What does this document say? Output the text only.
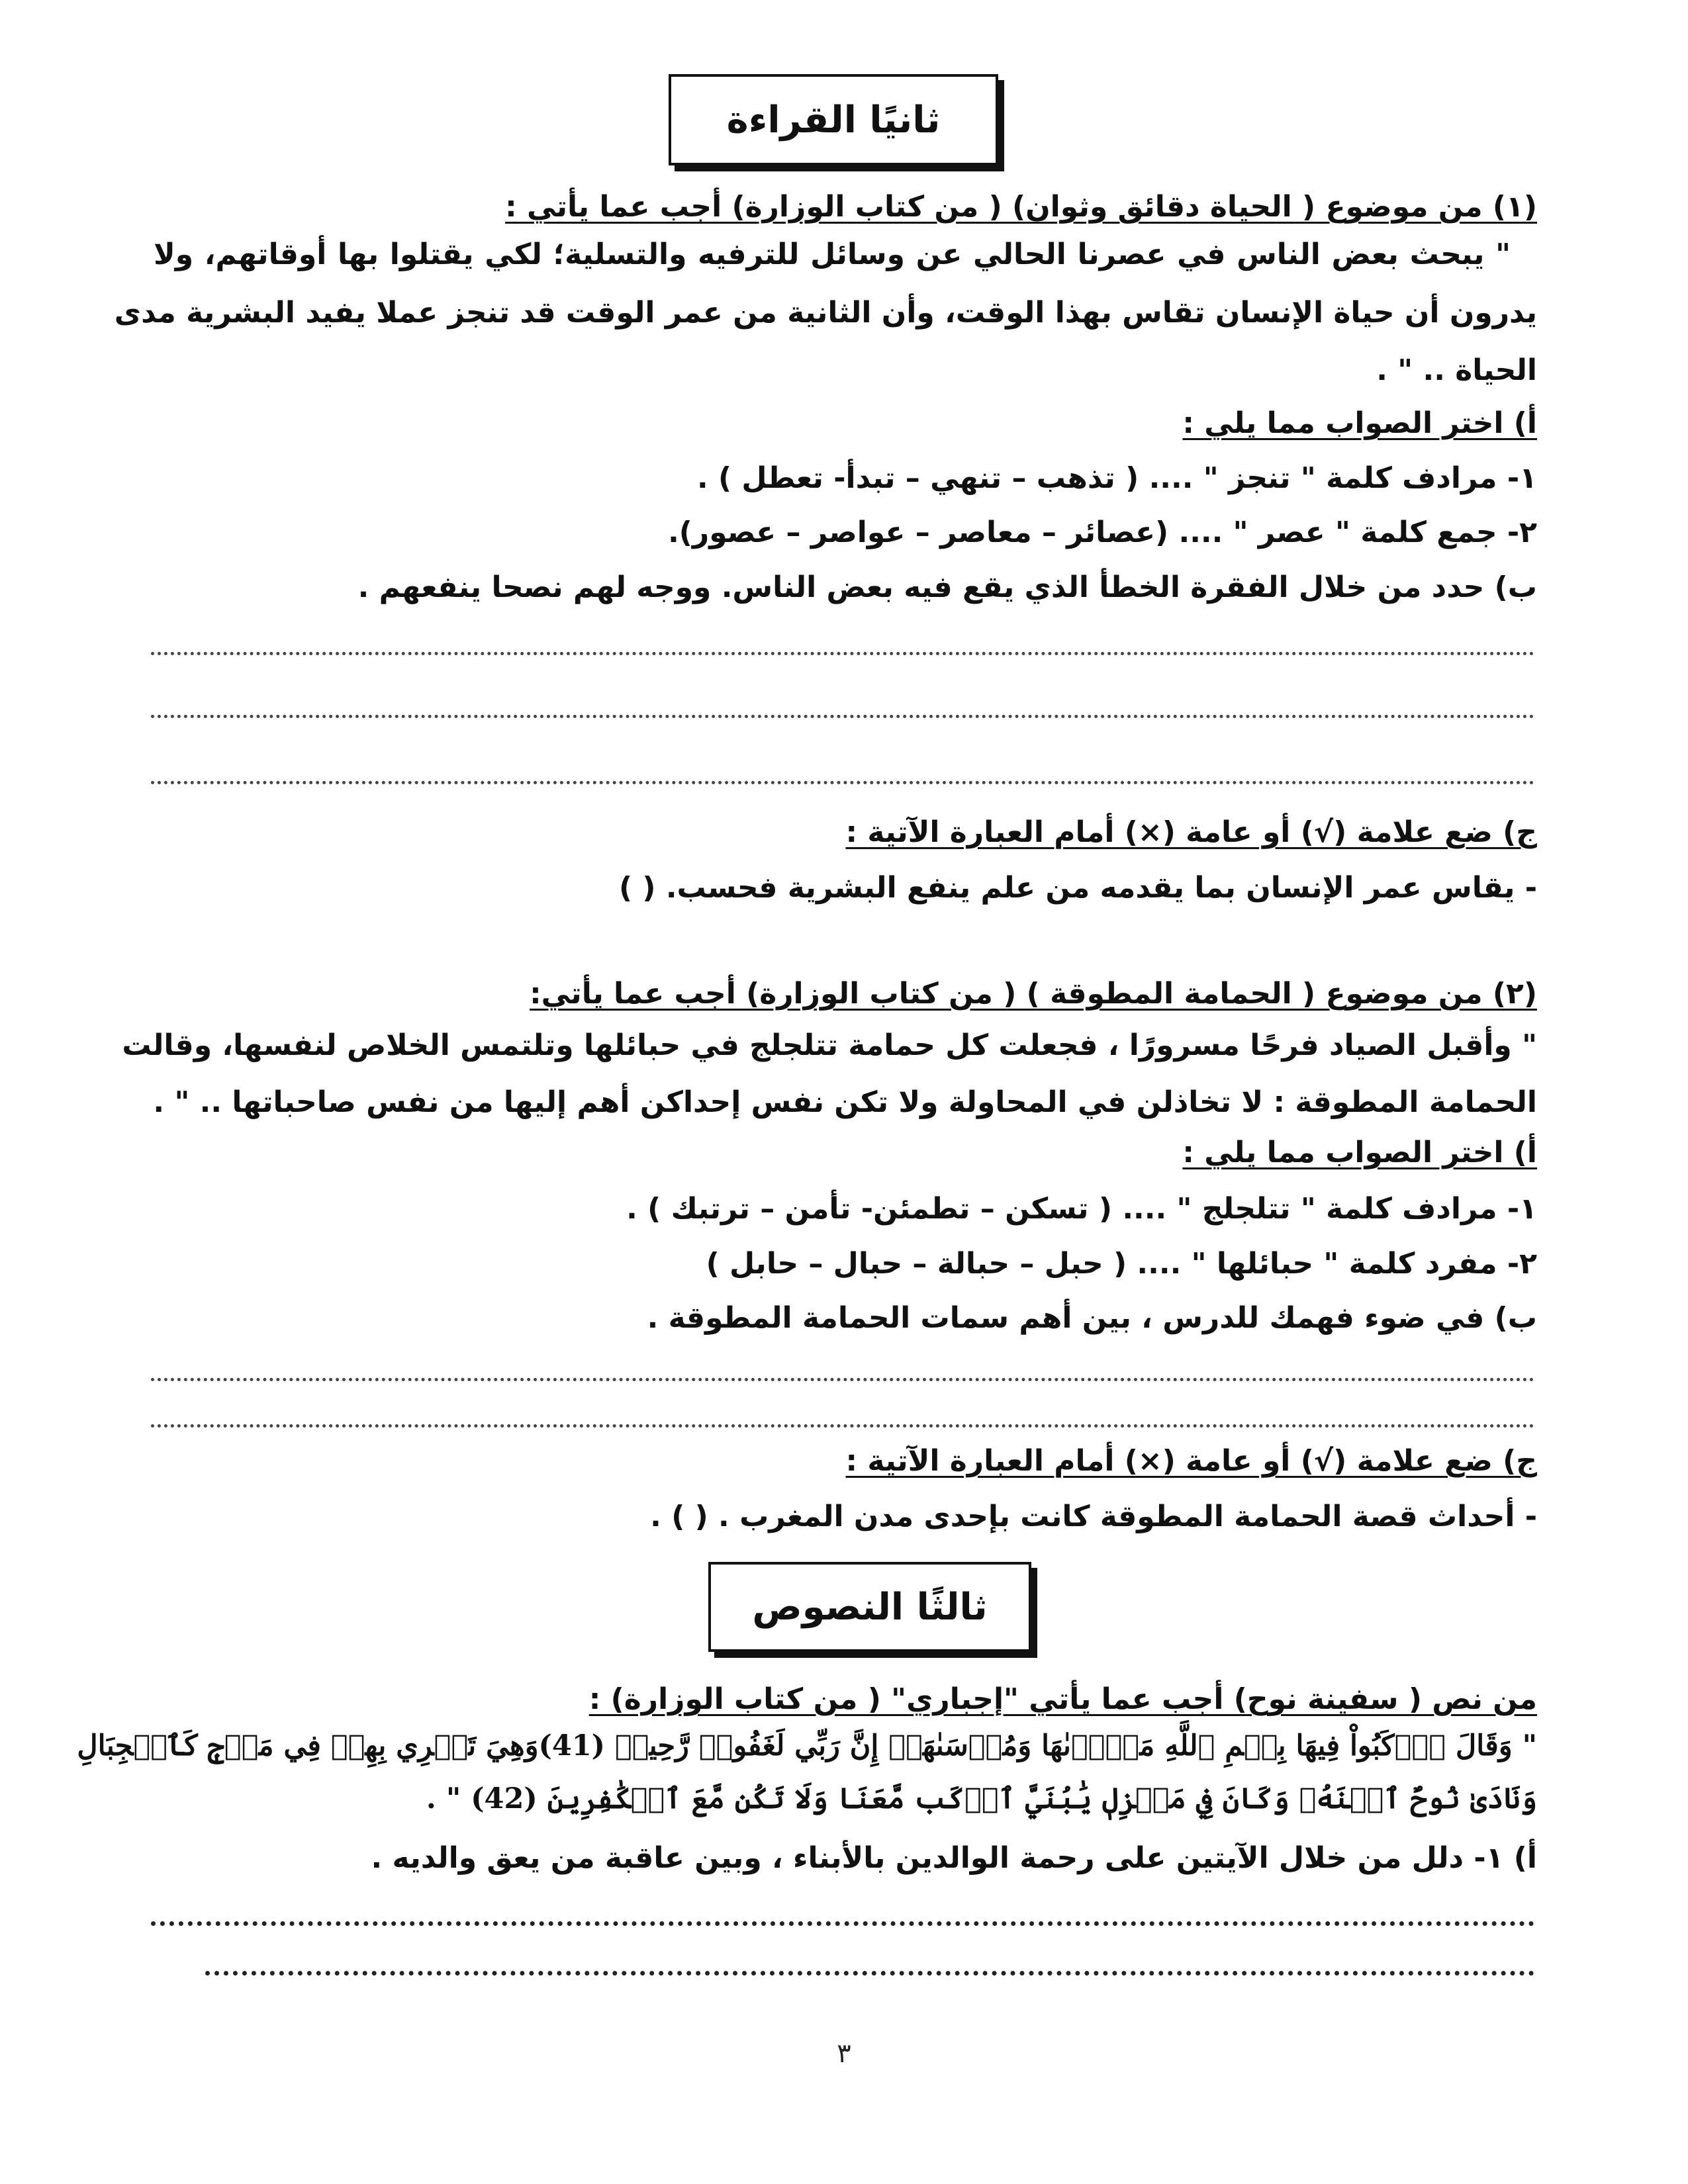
ثانيًا القراءة
(١) من موضوع ( الحياة دقائق وثوان) ( من كتاب الوزارة) أجب عما يأتي :
" يبحث بعض الناس في عصرنا الحالي عن وسائل للترفيه والتسلية؛ لكي يقتلوا بها أوقاتهم، ولا
يدرون أن حياة الإنسان تقاس بهذا الوقت، وأن الثانية من عمر الوقت قد تنجز عملا يفيد البشرية مدى
الحياة .. " .
أ) اختر الصواب مما يلي :
١- مرادف كلمة " تنجز " .... ( تذهب – تنهي – تبدأ- تعطل ) .
٢- جمع كلمة " عصر " .... (عصائر – معاصر – عواصر – عصور).
ب) حدد من خلال الفقرة الخطأ الذي يقع فيه بعض الناس. ووجه لهم نصحا ينفعهم .
ج) ضع علامة (√) أو عامة (×) أمام العبارة الآتية :
- يقاس عمر الإنسان بما يقدمه من علم ينفع البشرية فحسب. ( )
(٢) من موضوع ( الحمامة المطوقة ) ( من كتاب الوزارة) أجب عما يأتي:
" وأقبل الصياد فرحًا مسرورًا ، فجعلت كل حمامة تتلجلج في حبائلها وتلتمس الخلاص لنفسها، وقالت
الحمامة المطوقة : لا تخاذلن في المحاولة ولا تكن نفس إحداكن أهم إليها من نفس صاحباتها .. " .
أ) اختر الصواب مما يلي :
١- مرادف كلمة " تتلجلج " .... ( تسكن – تطمئن- تأمن – ترتبك ) .
٢- مفرد كلمة " حبائلها " .... ( حبل – حبالة – حبال – حابل )
ب) في ضوء فهمك للدرس ، بين أهم سمات الحمامة المطوقة .
ج) ضع علامة (√) أو عامة (×) أمام العبارة الآتية :
- أحداث قصة الحمامة المطوقة كانت بإحدى مدن المغرب . ( ) .
ثالثًا النصوص
من نص ( سفينة نوح) أجب عما يأتي "إجباري" ( من كتاب الوزارة) :
" وَقَالَ ٱرۡكَبُواْ فِيهَا بِسۡمِ ٱللَّهِ مَجۡرٜىٰهَا وَمُرۡسَىٰهَآۚ إِنَّ رَبِّي لَغَفُورٞ رَّحِيمٞ (41)وَهِيَ تَجۡرِي بِهِمۡ فِي مَوۡجٖ كَٱلۡجِبَالِ
وَنَادَىٰ نُوحٌ ٱبۡنَهُۥ وَكَانَ فِي مَعۡزِلٖ يَٰبُنَيَّ ٱرۡكَب مَّعَنَا وَلَا تَكُن مَّعَ ٱلۡكَٰفِرِينَ (42) " .
أ) ١- دلل من خلال الآيتين على رحمة الوالدين بالأبناء ، وبين عاقبة من يعق والديه .
٣
